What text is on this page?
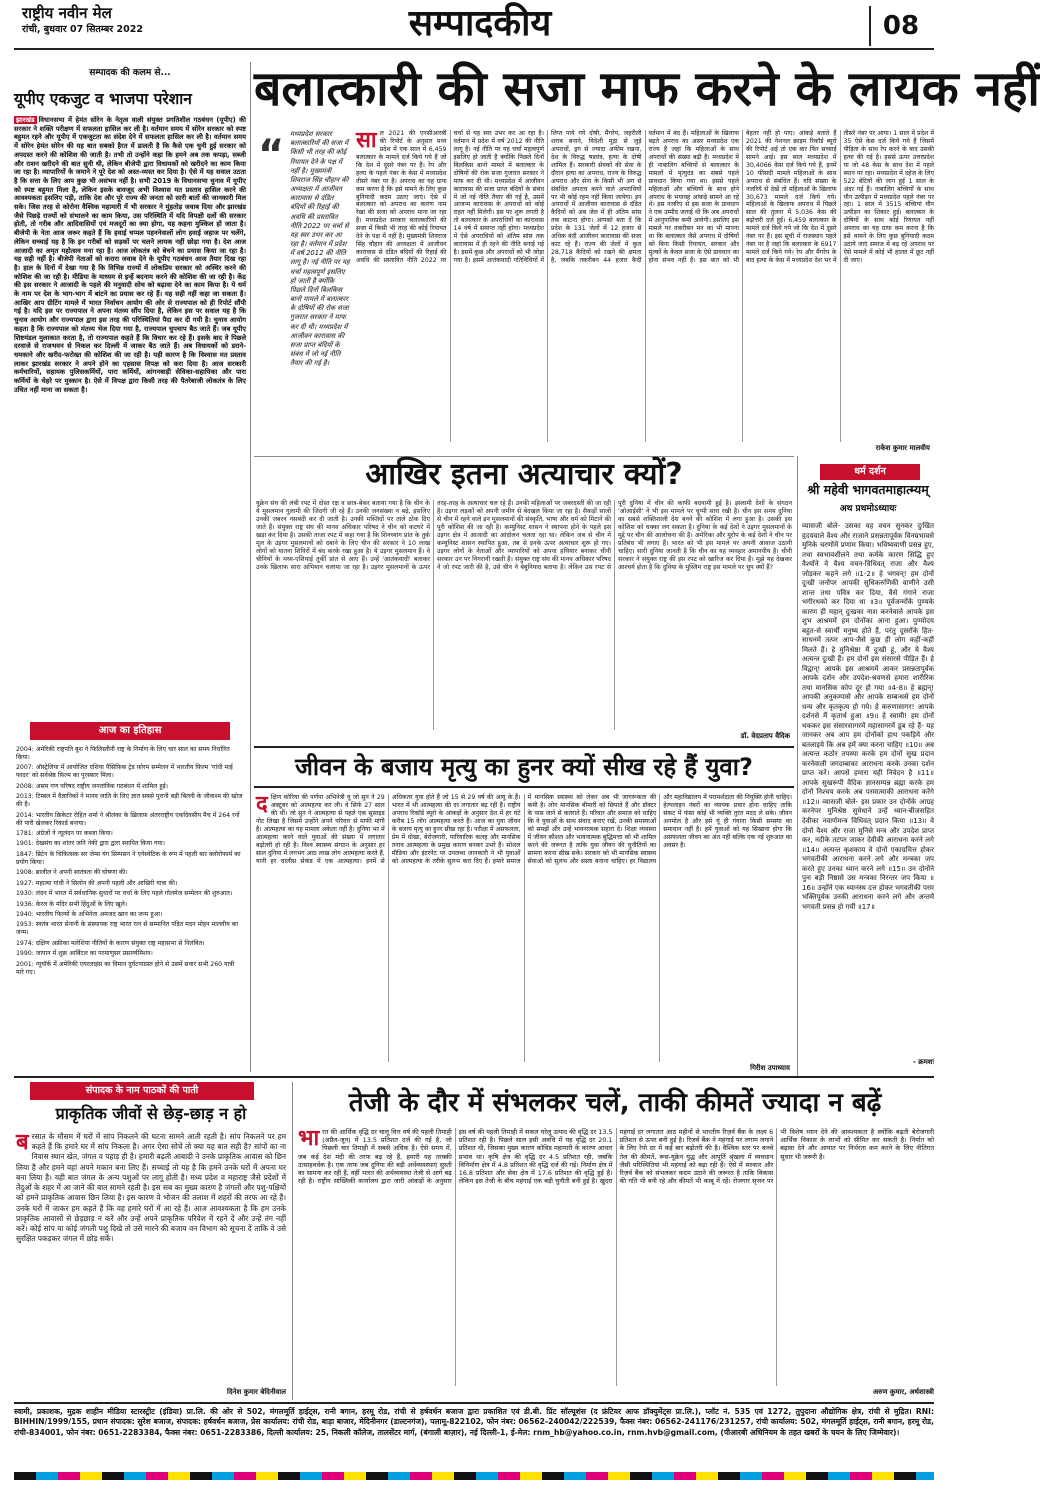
राष्ट्रीय नवीन मेल
रांची, बुधवार 07 सितम्बर 2022	सम्पादकीय	08
सम्पादक की कलम से...
यूपीए एकजुट व भाजपा परेशान
झारखंड विधानसभा में हेमंत सोरेन के नेतृत्व वाली संयुक्त प्रगतिशील गठबंधन (यूपीए) की सरकार ने शक्ति परीक्षण में सफलता हासिल कर ली है। वर्तमान समय में सोरेन सरकार को स्पष्ट बहुमत रहने और यूपीए में एकजुटता का संदेश देने में सफलता हासिल कर ली है। वर्तमान समय में सोरेन हेमंत सोरेन की यह बात सबको हैरत में डालती है कि कैसे एक चुनी हुई सरकार को अपदस्त करने की कोशिश की जाती है। तभी तो उन्होंने कहा कि हमने अब तक कपड़ा, सब्जी और राशन खरीदने की बात सुनी थी, लेकिन बीजेपी द्वारा विधायकों को खरीदने का काम किया जा रहा है। व्यापारियों के जमाने ने पूरे देश को अस्त-व्यस्त कर दिया है। ऐसे में यह सवाल उठता है कि सत्ता के लिए आप कुछ भी असंभव नहीं है। सभी 2019 के विधानसभा चुनाव में यूपीए को स्पष्ट बहुमत मिला है, लेकिन इसके बावजूद अभी विश्वास मत प्रस्ताव हासिल करने की आवश्यकता इसलिए पड़ी, ताकि देश और पूरे राज्य की जनता को सारी बातों की जानकारी मिल सके। जिस तरह से कोरोना वैश्विक महामारी में भी सरकार ने मुंहतोड़ जवाब दिया और झारखंड जैसे पिछड़े राज्यों को संभालने का काम किया, उस परिस्थिति में यदि विपक्षी दलों की सरकार होती, तो गरीब और आदिवासियों एवं मजदूरों का क्या होगा, यह कहना मुश्किल हो जाता है। बीजेपी के नेता आज जरूर कहते हैं कि हवाई चप्पल पहननेवालों लोग हवाई जहाज पर चलेंगे, लेकिन सच्चाई यह है कि इन गरीबों को सड़कों पर चलने लायक नहीं छोड़ा गया है। देश आज आजादी का अमृत महोत्सव मना रहा है। आज लोकतंत्र को बेचने का प्रयास किया जा रहा है। यह सही नहीं है। बीजेपी नेताओं को करारा जवाब देने के यूपीए गठबंधन आज तैयार दिख रहा है। हाल के दिनों में देखा गया है कि विभिन्न राज्यों में लोकप्रिय सरकार को अस्थिर करने की कोशिश की जा रही है। मीडिया के माध्यम से इन्हें बदनाम करने की कोशिश की जा रही है। केंद्र की इस सरकार ने आजादी के पहले की मनुवादी सोच को बढ़ावा देने का काम किया है। ये धर्म के नाम पर देश के भाग-भाग में बांटने का प्रयास कर रहे हैं। यह सही नहीं कहा जा सकता है। आखिर आप ग्रीटिंग मामले में भारत निर्वाचन आयोग की ओर से राज्यपाल को ही रिपोर्ट सौंपी गई है। यदि इस पर राज्यपाल ने अपना मंतव्य सौंप दिया है, लेकिन इस पर सवाल यह है कि चुनाव आयोग और राज्यपाल द्वारा इस तरह की परिस्थितियां पैदा कर दी गयी है। चुनाव आयोग कहता है कि राज्यपाल को मंतव्य भेज दिया गया है, राज्यपाल चुपचाप बैठ जाते हैं। जब यूपीए शिष्टमंडल मुलाकात करता है, तो राज्यपाल कहते हैं कि विचार कर रहे हैं। इसके बाद वे पिछले दरवाजे से राजभवन से निकल कर दिल्ली में जाकर बैठ जाते हैं। अब विधायकों को डराने-धमकाने और खरीद-फरोख्त की कोशिश की जा रही है। यही कारण है कि विश्वास मत प्रस्ताव लाकर झारखंड सरकार ने अपने होने का एहसास विपक्ष को करा दिया है। आज सरकारी कर्मचारियों, सहायक पुलिसकर्मियों, पारा कर्मियों, आंगनबाड़ी सेविका-सहायिका और पारा कर्मियों के चेहरे पर मुस्कान है। ऐसे में विपक्ष द्वारा किसी तरह की पैतरेबाजी लोकतंत्र के लिए उचित नहीं माना जा सकता है।
आज का इतिहास
2004: अमेरिकी राष्ट्रपति बुश ने फिलिस्तीनी राष्ट्र के निर्माण के लिए चार साल का समय निर्धारित किया।
2007: ऑस्ट्रेलिया में आयोजित एशिया पैसिफ़िक ट्रेड फ़ोरम सम्मेलन में भारतीय फ़िल्म 'गांधी माई फादर' को सर्वश्रेष्ठ फ़िल्म का पुरस्कार मिला।
2008: असम गण परिषद राष्ट्रीय जनतांत्रिक गठबंधन में शामिल हुई।
2013: टिम्बल में वैज्ञानिकों ने मानव जाति के लिए ज्ञात सबसे पुरानी बड़ी बिल्ली के जीवाश्म की खोज की है।
2014: भारतीय क्रिकेटर रोहित शर्मा ने श्रीलंका के ख़िलाफ़ अंतरराष्ट्रीय एकदिवसीय मैच में 264 रनों की पारी खेलकर रिकार्ड बनाया।
1781: अंग्रेजों ने न्यूलंदन पर कब्जा किया।
1901: देखसंघ का शांतर जनि नेकी द्वारा द्वारा स्थापित किया गया।
1847: ब्रिटेन के चिकित्सक सर जेम्स यंग सिम्पसन ने एनेस्थेटिक के रूप में पहली बार क्लोरोफार्म का प्रयोग किया।
1908: ब्राजील ने अपनी स्वतंत्रता की घोषणा की।
1927: महात्मा गांधी ने सिलोन की अपनी पहली और आखिरी यात्रा की।
1930: लंदन में भारत में सर्वधानिक सुधारों पर चर्चा के लिए पहले गोलमेज सम्मेलन की शुरुआत।
1936: केरल के मंदिर सभी हिंदुओं के लिए खुले।
1940: भारतीय फिल्मों के अभिनेता अमजद खान का जन्म हुआ।
1953: स्वतंत्र भारत सेनानी के संस्थापक राष्ट्र भारत रत्न से सम्मानित पंडित मदन मोहन मालवीय का जन्म।
1974: दक्षिण अफ्रीका मलेशिया नीतियों के कारण संयुक्त राष्ट्र महासभा से निलंबित।
1990: जापान में शुक्र आर्बिटल का परमाणुसर प्रसार्य्यमिशन।
2001: न्यूयॉर्क में अमेरिकी एयरलाइंस का विमान दुर्घटनाग्रस्त होने से उसमें सवार सभी 260 यात्री मारे गए।
बलात्कारी की सजा माफ करने के लायक नहीं
“ मध्यप्रदेश सरकार बलात्कारियों की सजा में किसी भी तरह की कोई रियायत देने के पक्ष में नहीं है। मुख्यमंत्री शिवराज सिंह चौहान की अध्यक्षता में आजीवन कारावास से दंडित बंदियों की रिहाई की अवधि की प्रस्तावित नीति 2022 पर चर्चा से यह स्वर उभर कर आ रहा है। वर्तमान में प्रदेश में वर्ष 2012 की नीति लागू है। नई नीति पर यह चर्चा महत्वपूर्ण इसलिए हो जाती है क्योंकि पिछले दिनों बिलकिस बानो मामले में बलात्कार के दोषियों की रोक सजा गुजरात सरकार ने माफ कर दी थी। मध्यप्रदेश में आजीवन कारावास की सजा प्राप्त बंदियों के संबंध में जो नई नीति तैयार की गई है।
साल 2021 की एनसीआरबी की रिपोर्ट के अनुसार मध्य प्रदेश में एक साल में 6,459 बलात्कार के मामले दर्ज किये गये हैं जो कि देश में दूसरे नंबर पर हैं। रेप और हत्या के पहले नंबर के केस में मध्यप्रदेश तीसरे नंबर पर है। अपराध का यह ग्राफ कम करना है कि इसे मामने के लिए कुछ बुनियादी कदम उठाए जाएं। ऐसे में बलात्कार को अपराध का कारण नाम रेखा की सजा को अपराध माना जा रहा है। मध्यप्रदेश सरकार बलात्कारियों की सजा में किसी भी तरह की कोई रियायत देने के पक्ष में नहीं है। मुख्यमंत्री शिवराज सिंह चौहान की अध्यक्षता में आजीवन कारावास से दंडित बंदियों की रिहाई की अवधि की प्रस्तावित नीति 2022 पर चर्चा से यह स्वर उभर कर आ रहा है। वर्तमान में प्रदेश में वर्ष 2012 की नीति लागू है। नई नीति पर यह चर्चा महत्वपूर्ण इसलिए हो जाती है क्योंकि पिछले दिनों बिलकिस बानो मामले में बलात्कार के दोषियों की रोक सजा गुजरात सरकार ने माफ कर दी थी। मध्यप्रदेश में आजीवन कारावास की सजा प्राप्त बंदियों के संबंध में जो नई नीति तैयार की गई है, उसमें आजन्म कारावास के अपराधों को कोई राहत नहीं मिलेगी। इस पर शुरू लगती है तो बलात्कार के अपराधियों का कारावास 14 वर्ष में समाप्त नहीं होगा। मध्यप्रदेश में ऐसे अपराधियों को अंतिम सांस तक कारावास में ही रहने की नीति बनाई गई है। इसमें कुछ और अपराधों को भी जोड़ा गया है। इसमें आतंकवादी गतिविधियों में लिप्त पाये गये दोषी, मैंगरेप, जहरीली शराब बनाने, विदेशी मुद्रा से जुड़े अपराधों, ड्रग से ज्यादा अफीम रखना, देश के विरुद्ध षडयंत्र, हत्या के दोषी शामिल हैं। सरकारी सेवकों की सेवा के दौरान हत्या का अपराध, राज्य के विरुद्ध अपराध और सेना के किसी भी अंग से संबंधित अपराध करने वाले अपराधियों पर भी कोई रहम नहीं किया जायेगा। इन अपराधों में आजीवन कारावास से दंडित कैदियों को अब जेल में ही अंतिम सांस तक काटना होगा। आपको बता दें कि प्रदेश के 131 जेलों में 12 हजार से अधिक बंदी आजीवन कारावास की सजा काट रहे हैं। राज्य की जेलों में कुल 28,718 कैदियों को रखने की क्षमता है, जबकि तकरीबन 44 हजार कैदी वर्तमान में बंद हैं। महिलाओं के खिलाफ बढ़ते अपराध का असर मध्यप्रदेश एक राज्य है जहां कि महिलाओं के साथ अपराधों की संख्या बढ़ी है। मध्यप्रदेश में ही नाबालिग बच्चियों से बलात्कार के मामलों में मृत्युदंड का सबसे पहले प्रावधान किया गया था। इससे पहले महिलाओं और बच्चियों के साथ होने अपराध के भयावह आंकड़े सामने आ रहे थे। इस नजरिए से इस सजा के प्रावधान ने एक उम्मीद जताई थी कि अब अपराधों में आनुपातिक कमी आयेगी। इसलिए इस मामले पर तकरीबन मन का भी मानना था कि बलात्कार जैसे अपराध में दोषियों को बिना किसी रियायत, सरकार और मुल्कों के केवल सजा के ऐसे प्रावधान का होना संभव नहीं है। इस बात को भी बेहतर नहीं हो पाए। आंकड़े बताते हैं 2021 की नेशनल क्राइम रिकॉर्ड ब्यूरो की रिपोर्ट अई तो एक बार फिर सच्चाई सामने आई। इस साल मध्यप्रदेश में 30,4066 केस दर्ज किये गये हैं, इनमें 10 फीसदी मामले महिलाओं के साथ अपराध से संबंधित हैं। यदि संख्या के नजरिये से देखें तो महिलाओं के खिलाफ 30,673 मामले दर्ज किये गये। महिलाओं के खिलाफ अपराध में पिछले साल की तुलना में 5,036 केस की बढ़ोत्तरी दर्ज हुई। 6,459 बलात्कार के मामले दर्ज किये गये जो कि देश में दूसरे नंबर पर हैं। इस सूची में राजस्थान पहले नंबर पर है जहां कि बलात्कार के 6917 मामले दर्ज किये गये। रेप और मैंगरेप के बाद हत्या के केस में मध्यप्रदेश देश भर में तीसरे नंबर पर आया। 1 साल में प्रदेश में 35 ऐसे केस दर्ज किये गये हैं जिसमें पीड़िता के साथ रेप करने के बाद उसकी हत्या की गई है। इससे ऊपर उत्तरप्रदेश या जो 48 केस के साथ देश में पहले स्थान पर रहा। मध्यप्रदेश में दहेज के लिए 522 बेटियों की जान हुई 1 साल के अंदर गई हैं। नाबालिग बच्चियों के साथ यौन उत्पीड़न में मध्यप्रदेश पहले नंबर पर रहा। 1 साल में 3515 बच्चियां यौन उत्पीड़न का शिकार हुई। बलात्कार के दोषियों के साथ कोई रियायत नहीं अपराध का यह ग्राफ कम करना है कि इसे थामने के लिए कुछ बुनियादी कदम उठाये जाएं समाज में बढ़ रहे अपराध पर ऐसे मामले में कोई भी हालत में छूट नहीं दी जाए।
राकेश कुमार मालवीय
आखिर इतना अत्याचार क्यों?
यूक्रेन संघ की लंबी रपट में दोस्त रक्ष व छात्र-बेकर बताया गया है कि चीन के ये मुसलमान गुलामी की जिंदगी जी रहे हैं। उनकी जनसंख्या न बढ़े, इसलिए उनकी जबरन नसबंदी कर दी जाती है। उनकी मस्जिदों पर ताले ठोक दिए जाते हैं। संयुक्त राष्ट्र संघ की मानव अधिकार परिषद ने चीन को कटघरे में खड़ा कर दिया है। उसकी ताजा रपट में कहा गया है कि शिनच्यांग प्रांत के तुर्क मूल के उइगर मुसलमानों को दबाने के लिए चीन की सरकार ने 10 लाख लोगों को यातना शिविरों में बंद करके रखा हुआ है। ये उइगर मुसलमान हैं। वे चीनियों के मध्य-एशियाई तुर्की प्रांत से आए हैं। उन्हें 'आतंकवादी' बताकर उनके खिलाफ सारा अभियान चलाया जा रहा है। उइगर मुसलमानों के ऊपर तरह-तरह के अत्याचार चल रहे हैं। उनकी महिलाओं पर जबरदस्ती की जा रही है। उइगर लड़कों को अपनी जमीन से बेदखल किया जा रहा है। सैकड़ों सालों से चीन में रहने वाले इन मुसलमानों की संस्कृति, भाषा और धर्म को मिटाने की पूरी कोशिश की जा रही है। कम्युनिस्ट शासन ने स्थापना होने के पहले इस उइगर क्षेत्र में आजादी का आंदोलन चलता रहा था। लेकिन जब से चीन में कम्युनिस्ट शासन स्थापित हुआ, तब से इनके ऊपर अत्याचार शुरू हो गए। उइगर लोगों के नेताओं और व्यापारियों को अपना हथियार बनाकर चीनी सरकार उन पर निगरानी रखती है। संयुक्त राष्ट्र संघ की मानव अधिकार परिषद ने जो रपट जारी की है, उसे चीन ने बेबुनियाद बताया है। लेकिन उस रपट से पूरी दुनिया में चीन की काफी बदनामी हुई है। इस्लामी देशों के संगठन 'ओआईसी' ने भी इस मामले पर चुप्पी साध रखी है। चीन इस समय दुनिया का सबसे शक्तिशाली देश बनने की कोशिश में लगा हुआ है। उसकी इस कोशिश को धक्का लग सकता है। दुनिया के कई देशों ने उइगर मुसलमानों के मुद्दे पर चीन की आलोचना की है। अमेरिका और यूरोप के कई देशों ने चीन पर प्रतिबंध भी लगाए हैं। भारत को भी इस मामले पर अपनी आवाज उठानी चाहिए। सारी दुनिया जानती है कि चीन का यह व्यवहार अमानवीय है। चीनी सरकार ने संयुक्त राष्ट्र की इस रपट को खारिज कर दिया है। मुझे यह देखकर आश्चर्य होता है कि दुनिया के मुस्लिम राष्ट्र इस मामले पर चुप क्यों हैं?
डॉ. वेदप्रताप वैदिक
जीवन के बजाय मृत्यु का हुनर क्यों सीख रहे हैं युवा?
दक्षिण कोरिया की पर्णपा अभिनेत्री यू जो सुन ने 29 अक्टूबर को आत्महत्या कर ली। वे सिर्फ 27 साल की थीं। जो सुन ने आत्महत्या से पहले एक सुसाइड नोट लिखा है जिसमें उन्होंने अपने परिवार से माफी मांगी है। आत्महत्या का यह मामला अकेला नहीं है। दुनिया भर में आत्महत्या करने वाले युवाओं की संख्या में लगातार बढ़ोतरी हो रही है। विश्व स्वास्थ्य संगठन के अनुसार हर साल दुनिया में लगभग आठ लाख लोग आत्महत्या करते हैं, यानी हर चालीस सेकंड में एक आत्महत्या। इनमें से अधिकतर युवा होते हैं जो 15 से 29 वर्ष की आयु के हैं। भारत में भी आत्महत्या की दर लगातार बढ़ रही है। राष्ट्रीय अपराध रिकॉर्ड ब्यूरो के आंकड़ों के अनुसार देश में हर घंटे करीब 15 लोग आत्महत्या करते हैं। आज का युवा जीवन के बजाय मृत्यु का हुनर सीख रहा है। परीक्षा में असफलता, प्रेम में धोखा, बेरोजगारी, पारिवारिक कलह और मानसिक तनाव आत्महत्या के प्रमुख कारण बनकर उभरे हैं। सोशल मीडिया और इंटरनेट पर उपलब्ध जानकारी ने भी युवाओं को आत्महत्या के तरीके सुलभ करा दिए हैं। हमारे समाज में मानसिक स्वास्थ्य को लेकर अब भी जागरूकता की कमी है। लोग मानसिक बीमारी को छिपाते हैं और डॉक्टर के पास जाने से कतराते हैं। परिवार और समाज को चाहिए कि वे युवाओं के साथ संवाद बनाए रखें, उनकी समस्याओं को समझें और उन्हें भावनात्मक सहारा दें। शिक्षा व्यवस्था में जीवन कौशल और भावनात्मक बुद्धिमत्ता को भी शामिल करने की जरूरत है ताकि युवा जीवन की चुनौतियों का सामना करना सीख सकें। सरकार को भी मानसिक स्वास्थ्य सेवाओं को सुलभ और सस्ता बनाना चाहिए। हर विद्यालय और महाविद्यालय में परामर्शदाता की नियुक्ति होनी चाहिए। हेल्पलाइन नंबरों का व्यापक प्रचार होना चाहिए ताकि संकट में फंसा कोई भी व्यक्ति तुरंत मदद ले सके। जीवन अनमोल है और इसे यूं ही गंवाना किसी समस्या का समाधान नहीं है। हमें युवाओं को यह सिखाना होगा कि असफलता जीवन का अंत नहीं बल्कि एक नई शुरुआत का अवसर है।
गिरीश उपाध्याय
धर्म दर्शन
श्री महेवी भागवतमाहात्म्यम्
अथ प्रथमोऽध्यायः
व्यासजी बोले- उसका यह वचन सुनकर दुःखित हृदयवाले वैश्य और राजाने प्रसन्नतापूर्वक विनम्रभावसे मुनिके चरणोंमें प्रणाम किया। भविष्यवाणी प्रसन्न हुए, तथा स्वभावशीलने तथा कर्मके कारण सिद्धि हुए वैश्योंने वे वैश्य वचन-विधिवत् राजा और वैश्य जोड़कर कहने लगे ॥1-2॥ हे भगवन्! हम दोनों दुःखी जनोंपर आपकी सुधिकरुणिकी वाणीने उसी शान्त तथा पवित्र कर दिया, वैसे गंगाने राजा भगीरथको कर दिया था ॥3॥ पूर्वजन्मोंके पुण्यके कारण ही महान् दुःखका नाश करनेवाले आपके इस शुभ आश्रममें हम दोनोंका आना हुआ। पुण्योदय बहुत-से स्वार्थी मनुष्य होते हैं, परंतु दूसरोंके हित-साधनमें तत्पर आप-जैसे कुछ ही लोग कहीं-कहीं मिलते हैं। हे मुनिश्रेष्ठ! मैं दुःखी हूं, और ये वैश्य अत्यन्त दुःखी हैं। हम दोनों इस संसारसे पीड़ित हैं। हे विद्वान्! आपके इस आश्रममें आकर प्रसन्नतापूर्वक आपके दर्शन और उपदेश-श्रवणसे हमारा शारीरिक तथा मानसिक कोप दूर हो गया ॥4-8॥ हे ब्रह्मन्! आपकी अनुकम्पासे और आपके सम्बन्धसे हम दोनों धन्य और कृतकृत्य हो गये। हे करुणासागर! आपके दर्शनसे मैं कृतार्थ हुआ ॥9॥ हे स्वामी! हम दोनों थककर इस संसारसागरमें महासागरमें डूब रहे हैं- यह जानकर अब आप हम दोनोंको हाथ पकड़िये और बतलाइये कि अब हमें क्या करना चाहिए ॥10॥ अब अत्यन्त कठोर तपस्या करके हम दोनों सुख प्रदान करनेवाली जगदम्बाका आराधना करके उनका दर्शन प्राप्त करें। आपसे हमारा यही निवेदन है ॥11॥ आपके सुखरूपी वैदिक ज्ञानसम्पन्न ब्रह्मा करके हम दोनों निश्चय करके अब परमात्माकी आराधना करेंगे ॥12॥ व्यासजी बोले- इस प्रकार उन दोनोंके आग्रह करनेपर मुनिश्रेष्ठ सुमेधाने उन्हें ध्यान-बीजसहित देवीका नवार्णमन्त्र विधिवत् प्रदान किया ॥13॥ वे दोनों वैश्य और राजा मुनिसे मन्त्र और उपदेश प्राप्त कर, नदीके तटपर जाकर देवीकी आराधना करने लगे ॥14॥ अत्यन्त कृशकाय वे दोनों एकाग्रचित्त होकर भगवतीकी आराधना करने लगे और मन्त्रका जप करते हुए उनका ध्यान करने लगे ॥15॥ उन दोनोंने पुनः बड़ी निष्ठासे उस मन्त्रका निरन्तर जप किया ॥16॥ उन्होंने एक ध्यानस्थ दत्त होकर भगवतीकी परम भक्तिपूर्वक उनकी आराधना करने लगे और अन्तमें भगवती प्रसन्न हो गयीं ॥17॥
- क्रमशः
संपादक के नाम पाठकों की पाती
प्राकृतिक जीवों से छेड़-छाड़ न हो
बरसात के मौसम में घरों में सांप निकलने की घटना सामने आती रहती है। सांप निकलने पर हम कहते हैं कि हमारे घर में सांप निकला है। अगर ऐसा सोचें तो क्या यह बात सही है? सांपों का ना निवास स्थान खेत, जंगल व पहाड़ ही है। हमारी बढ़ती आबादी ने उनके प्राकृतिक आवास को छिन लिया है और हमने वहां अपने मकान बना लिए हैं। सच्चाई तो यह है कि हमने उनके घरों में अपना घर बना लिया है। यही बात जंगल के अन्य पशुओं पर लागू होती है। मध्य प्रदेश व महाराष्ट्र जैसे प्रदेशों में तेंदुओं के शहर में आ जाने की बात सामने रहती है। इस सब का मुख्य कारण है जंगलों और पशु-पक्षियों को हमने प्राकृतिक आवास छिन लिया है। इस कारण वे भोजन की तलाश में शहरों की तरफ आ रहे हैं। उनके घरों में जाकर हम कहते हैं कि वह हमारे घरों में आ रहे हैं। आज आवश्यकता है कि हम उनके प्राकृतिक आवासों से छेड़छाड़ न करें और उन्हें अपने प्राकृतिक परिवेश में रहने दें और उन्हें तंग नहीं करें। कोई सांप या कोई जंगली पशु दिखे तो उसे मारने की बजाय वन विभाग को सूचना दें ताकि वे उसे सुरक्षित पकड़कर जंगल में छोड़ सकें।
दिनेश कुमार बेदिनीवाल
तेजी के दौर में संभलकर चलें, ताकी कीमतें ज्यादा न बढ़ें
भारत की आर्थिक वृद्धि दर चालू वित्त वर्ष की पहली तिमाही (अप्रैल-जून) में 13.5 प्रतिशत दर्ज की गई है, जो पिछली चार तिमाही में सबसे अधिक है। ऐसे समय में, जब कई देश मंदी की तरफ बढ़ रहे हैं, हमारी यह तरक्की उत्साहवर्धक है। एक तरफ जब दुनिया की बड़ी अर्थव्यवस्थाएं सुस्ती का सामना कर रही हैं, वहीं भारत की अर्थव्यवस्था तेजी से आगे बढ़ रही है। राष्ट्रीय सांख्यिकी कार्यालय द्वारा जारी आंकड़ों के अनुसार इस वर्ष की पहली तिमाही में सकल घरेलू उत्पाद की वृद्धि दर 13.5 प्रतिशत रही है। पिछले साल इसी अवधि में यह वृद्धि दर 20.1 प्रतिशत थी, जिसका मुख्य कारण कोविड महामारी के कारण आधार प्रभाव था। कृषि क्षेत्र की वृद्धि दर 4.5 प्रतिशत रही, जबकि विनिर्माण क्षेत्र में 4.8 प्रतिशत की वृद्धि दर्ज की गई। निर्माण क्षेत्र में 16.8 प्रतिशत और सेवा क्षेत्र में 17.6 प्रतिशत की वृद्धि हुई है। लेकिन इस तेजी के बीच महंगाई एक बड़ी चुनौती बनी हुई है। खुदरा महंगाई दर लगातार आठ महीनों से भारतीय रिज़र्व बैंक के लक्ष्य 6 प्रतिशत से ऊपर बनी हुई है। रिज़र्व बैंक ने महंगाई पर लगाम लगाने के लिए रेपो दर में कई बार बढ़ोतरी की है। वैश्विक स्तर पर कच्चे तेल की कीमतें, रूस-यूक्रेन युद्ध और आपूर्ति श्रृंखला में व्यवधान जैसी परिस्थितियां भी महंगाई को बढ़ा रही हैं। ऐसे में सरकार और रिज़र्व बैंक को संभलकर कदम उठाने की जरूरत है ताकि विकास की गति भी बनी रहे और कीमतें भी काबू में रहें। रोजगार सृजन पर भी विशेष ध्यान देने की आवश्यकता है क्योंकि बढ़ती बेरोजगारी आर्थिक विकास के लाभों को सीमित कर सकती है। निर्यात को बढ़ावा देने और आयात पर निर्भरता कम करने के लिए नीतिगत सुधार भी जरूरी हैं।
अरुण कुमार, अर्थशास्त्री
स्वामी, प्रकाशक, मुद्रक शाहीन मीडिया स्टारस्ट्रीट (इंडिया) प्रा.लि. की ओर से 502, मंगलमूर्ति हाईट्स, रानी बगान, हरमू रोड, रांची से हर्षवर्धन बजाज द्वारा प्रकाशित एवं डी.बी. प्रिंट सॉल्यूशंस (द फ्रंटियर आफ डॉक्युमेंट्स प्रा.लि.), प्लॉट नं. 535 एवं 1272, तुपुदाना औद्योगिक क्षेत्र, रांची से मुद्रित। RNI: BIHHIN/1999/155, प्रधान संपादक: सुरेश बजाज, संपादक: हर्षवर्धन बजाज, प्रेस कार्यालय: रांची रोड, बाड़ा बाजार, मेदिनीनगर (डाल्टनगंज), पलामू-822102, फोन नंबर: 06562-240042/222539, फैक्स नंबर: 06562-241176/231257, रांची कार्यालय: 502, मंगलमूर्ति हाईट्स, रानी बगान, हरमू रोड, रांची-834001, फोन नंबर: 0651-2283384, फैक्स नंबर: 0651-2283386, दिल्ली कार्यालय: 25, निकली कॉलेज, तालसेंटर मार्ग, (बंगाली बाज़ार), नई दिल्ली-1, ई-मेल: rnm_hb@yahoo.co.in, rnm.hvb@gmail.com, (पीआरबी अधिनियम के तहत खबरों के चयन के लिए जिम्मेवार)।
